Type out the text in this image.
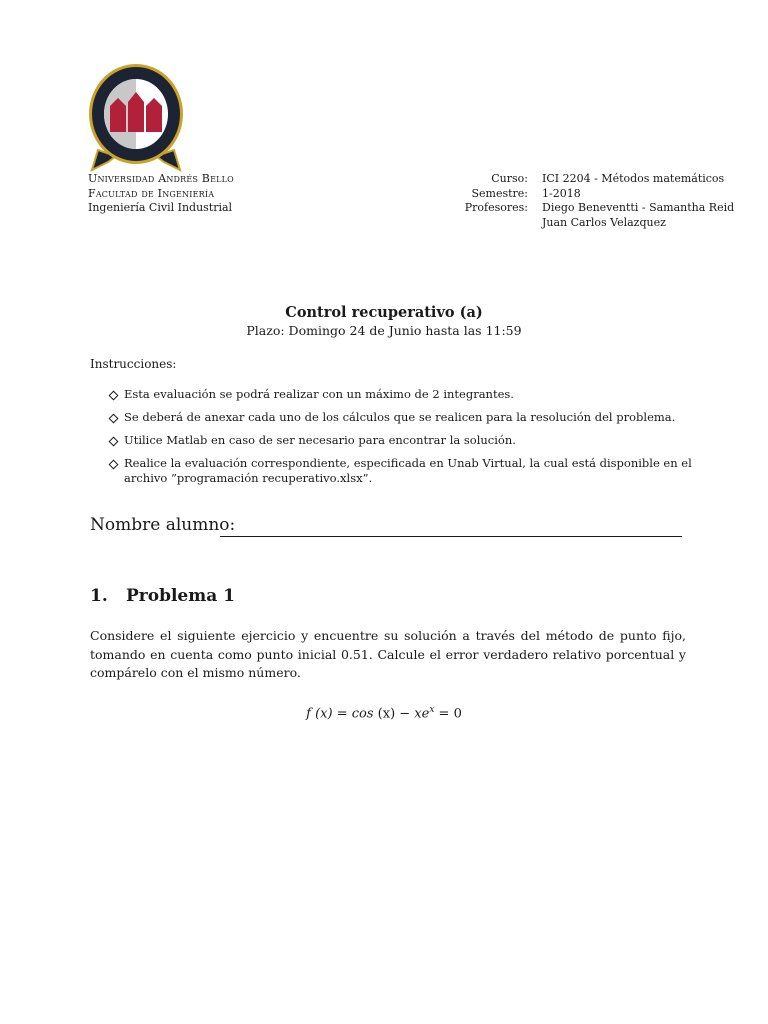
Universidad Andrés Bello
Facultad de Ingeniería
Ingeniería Civil Industrial
Curso:	ICI 2204 - Métodos matemáticos
Semestre:	1-2018
Profesores:	Diego Beneventti - Samantha Reid
Juan Carlos Velazquez
Control recuperativo (a)
Plazo: Domingo 24 de Junio hasta las 11:59
Instrucciones:
Esta evaluación se podrá realizar con un máximo de 2 integrantes.
Se deberá de anexar cada uno de los cálculos que se realicen para la resolución del problema.
Utilice Matlab en caso de ser necesario para encontrar la solución.
Realice la evaluación correspondiente, especificada en Unab Virtual, la cual está disponible en el archivo ”programación recuperativo.xlsx”.
Nombre alumno:
1. Problema 1
Considere el siguiente ejercicio y encuentre su solución a través del método de punto fijo, tomando en cuenta como punto inicial 0.51. Calcule el error verdadero relativo porcentual y compárelo con el mismo número.
f $(x) = \cos (x) - xe^x = 0$
